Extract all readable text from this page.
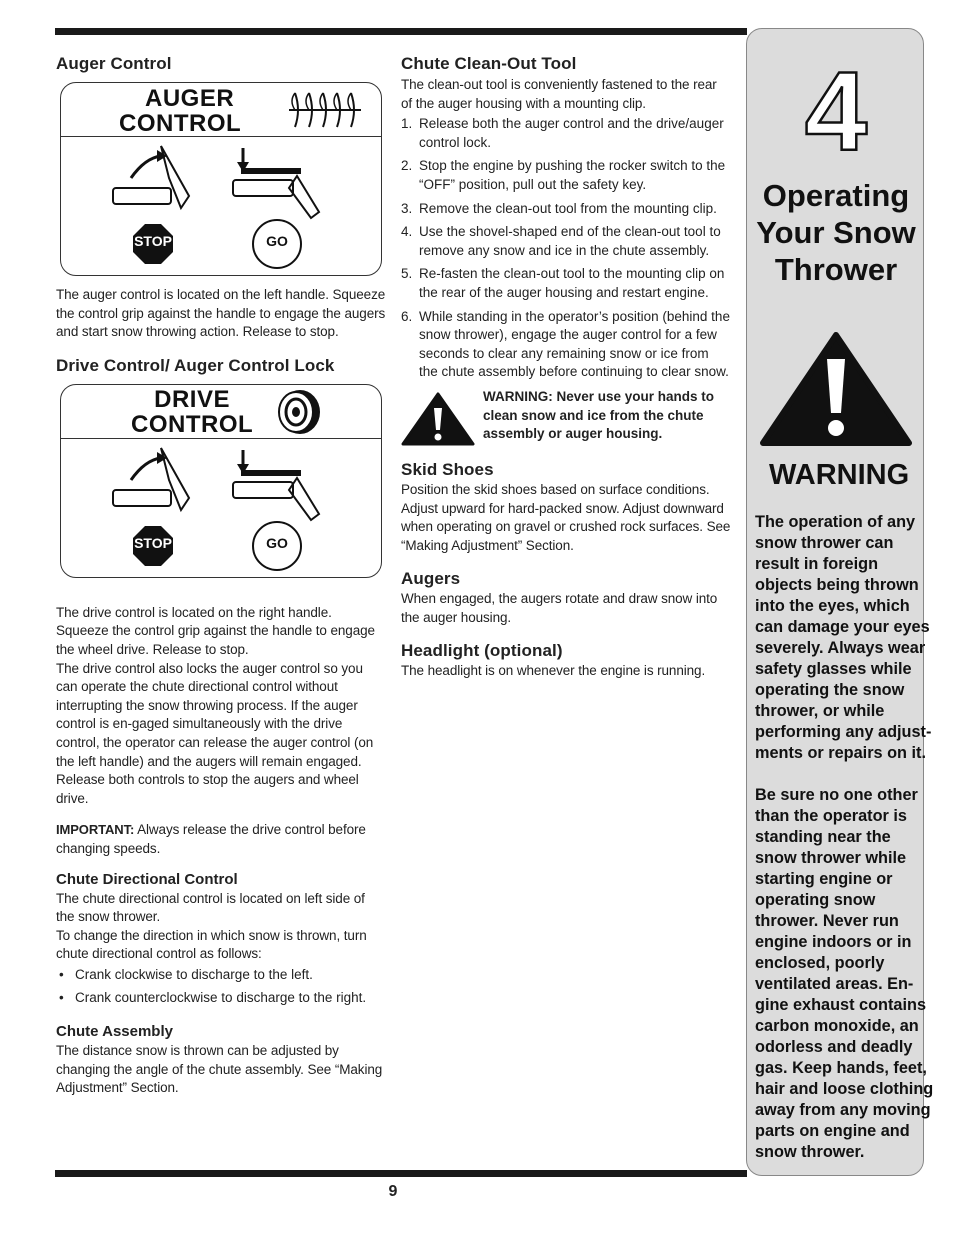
Auger Control
AUGER
CONTROL
STOP	GO

The auger control is located on the left handle. Squeeze the control grip against the handle to engage the augers and start snow throwing action. Release to stop.

Drive Control/ Auger Control Lock
DRIVE
CONTROL
STOP	GO

The drive control is located on the right handle. Squeeze the control grip against the handle to engage the wheel drive. Release to stop.

The drive control also locks the auger control so you can operate the chute directional control without interrupting the snow throwing process. If the auger control is en-gaged simultaneously with the drive control, the operator can release the auger control (on the left handle) and the augers will remain engaged. Release both controls to stop the augers and wheel drive.

IMPORTANT: Always release the drive control before changing speeds.

Chute Directional Control

The chute directional control is located on left side of the snow thrower.

To change the direction in which snow is thrown, turn chute directional control as follows:

• Crank clockwise to discharge to the left.
• Crank counterclockwise to discharge to the right.
Chute Assembly

The distance snow is thrown can be adjusted by changing the angle of the chute assembly. See “Making Adjustment” Section.

Chute Clean-Out Tool

The clean-out tool is conveniently fastened to the rear of the auger housing with a mounting clip.

1. Release both the auger control and the drive/auger control lock.
2. Stop the engine by pushing the rocker switch to the “OFF” position, pull out the safety key.
3. Remove the clean-out tool from the mounting clip.
4. Use the shovel-shaped end of the clean-out tool to remove any snow and ice in the chute assembly.
5. Re-fasten the clean-out tool to the mounting clip on the rear of the auger housing and restart engine.
6. While standing in the operator’s position (behind the snow thrower), engage the auger control for a few seconds to clear any remaining snow or ice from the chute assembly before continuing to clear snow.
WARNING: Never use your hands to clean snow and ice from the chute assembly or auger housing.
Skid Shoes

Position the skid shoes based on surface conditions. Adjust upward for hard-packed snow. Adjust downward when operating on gravel or crushed rock surfaces. See “Making Adjustment” Section.

Augers

When engaged, the augers rotate and draw snow into the auger housing.

Headlight (optional)

The headlight is on whenever the engine is running.

4
Operating Your Snow Thrower
WARNING
The operation of any snow thrower can result in foreign objects being thrown into the eyes, which can damage your eyes severely. Always wear safety glasses while operating the snow thrower, or while performing any adjust-ments or repairs on it.
Be sure no one other than the operator is standing near the snow thrower while starting engine or operating snow thrower. Never run engine indoors or in enclosed, poorly ventilated areas. En-gine exhaust contains carbon monoxide, an odorless and deadly gas. Keep hands, feet, hair and loose clothing away from any moving parts on engine and snow thrower.
9
